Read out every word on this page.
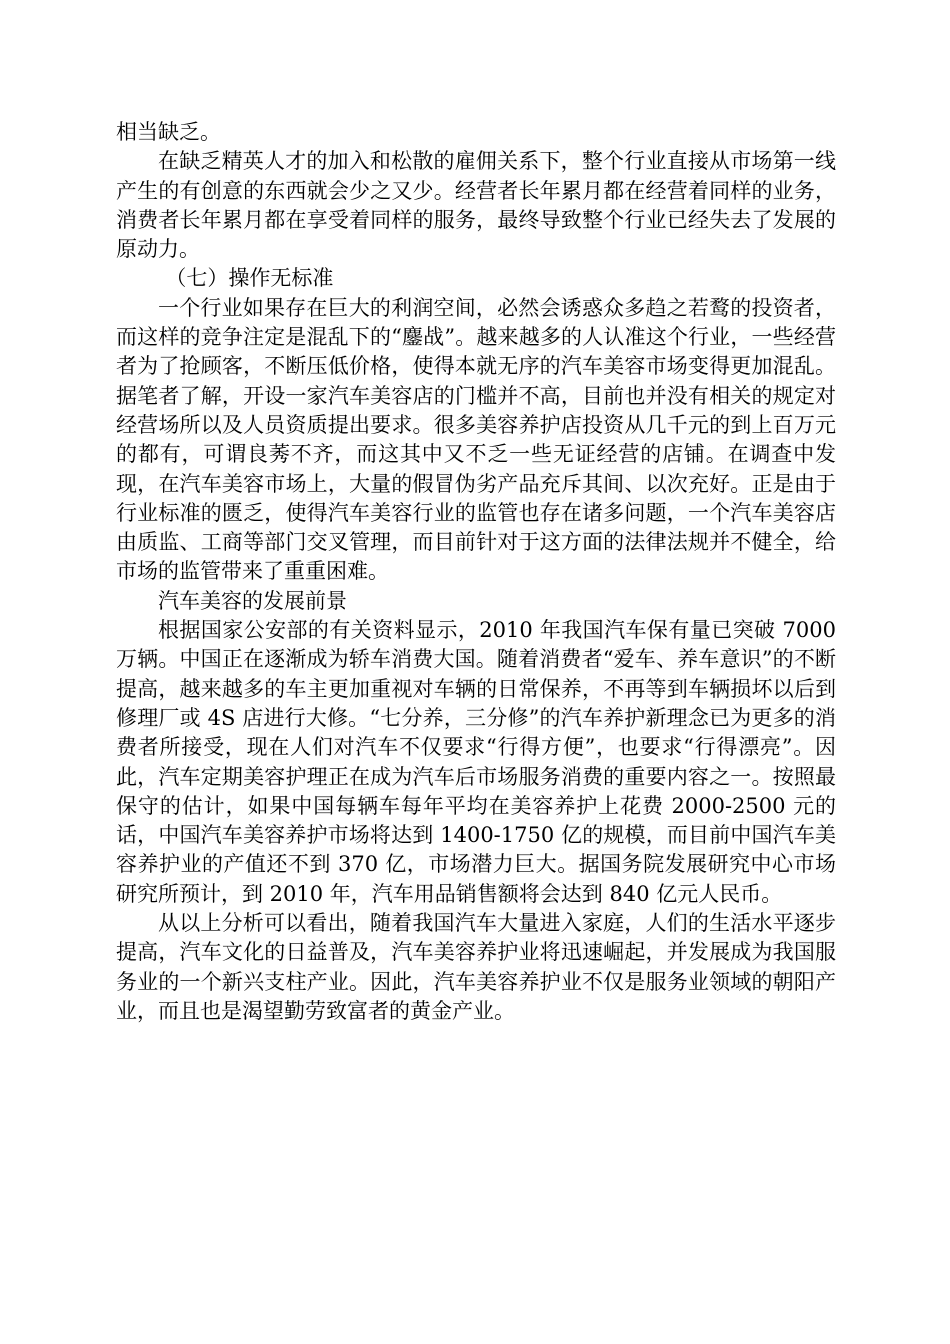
相当缺乏。

在缺乏精英人才的加入和松散的雇佣关系下，整个行业直接从市场第一线产生的有创意的东西就会少之又少。经营者长年累月都在经营着同样的业务，消费者长年累月都在享受着同样的服务，最终导致整个行业已经失去了发展的原动力。

（七）操作无标准

一个行业如果存在巨大的利润空间，必然会诱惑众多趋之若鹜的投资者，而这样的竞争注定是混乱下的“鏖战”。越来越多的人认准这个行业，一些经营者为了抢顾客，不断压低价格，使得本就无序的汽车美容市场变得更加混乱。据笔者了解，开设一家汽车美容店的门槛并不高，目前也并没有相关的规定对经营场所以及人员资质提出要求。很多美容养护店投资从几千元的到上百万元的都有，可谓良莠不齐，而这其中又不乏一些无证经营的店铺。在调查中发现，在汽车美容市场上，大量的假冒伪劣产品充斥其间、以次充好。正是由于行业标准的匮乏，使得汽车美容行业的监管也存在诸多问题，一个汽车美容店由质监、工商等部门交叉管理，而目前针对于这方面的法律法规并不健全，给市场的监管带来了重重困难。

汽车美容的发展前景

根据国家公安部的有关资料显示，2010 年我国汽车保有量已突破 7000 万辆。中国正在逐渐成为轿车消费大国。随着消费者“爱车、养车意识”的不断提高，越来越多的车主更加重视对车辆的日常保养，不再等到车辆损坏以后到修理厂或 4S 店进行大修。“七分养，三分修”的汽车养护新理念已为更多的消费者所接受，现在人们对汽车不仅要求“行得方便”，也要求“行得漂亮”。因此，汽车定期美容护理正在成为汽车后市场服务消费的重要内容之一。按照最保守的估计，如果中国每辆车每年平均在美容养护上花费 2000-2500 元的话，中国汽车美容养护市场将达到 1400-1750 亿的规模，而目前中国汽车美容养护业的产值还不到 370 亿，市场潜力巨大。据国务院发展研究中心市场研究所预计，到 2010 年，汽车用品销售额将会达到 840 亿元人民币。

从以上分析可以看出，随着我国汽车大量进入家庭，人们的生活水平逐步提高，汽车文化的日益普及，汽车美容养护业将迅速崛起，并发展成为我国服务业的一个新兴支柱产业。因此，汽车美容养护业不仅是服务业领域的朝阳产业，而且也是渴望勤劳致富者的黄金产业。
